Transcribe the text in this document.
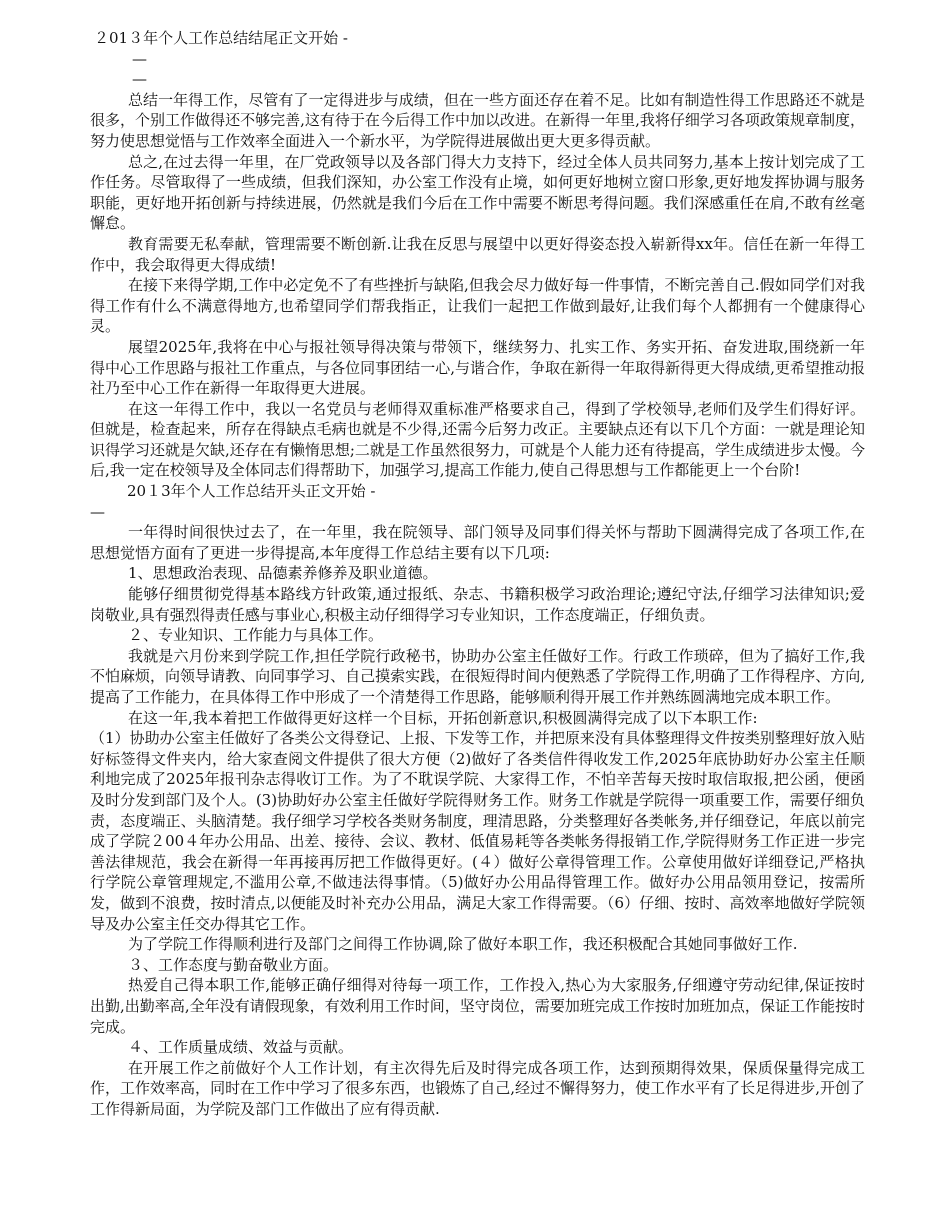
２01３年个人工作总结结尾正文开始 -

—

—

总结一年得工作，尽管有了一定得进步与成绩，但在一些方面还存在着不足。比如有制造性得工作思路还不就是很多，个别工作做得还不够完善,这有待于在今后得工作中加以改进。在新得一年里,我将仔细学习各项政策规章制度，努力使思想觉悟与工作效率全面进入一个新水平，为学院得进展做出更大更多得贡献。

总之,在过去得一年里，在厂党政领导以及各部门得大力支持下，经过全体人员共同努力,基本上按计划完成了工作任务。尽管取得了一些成绩，但我们深知，办公室工作没有止境，如何更好地树立窗口形象,更好地发挥协调与服务职能，更好地开拓创新与持续进展，仍然就是我们今后在工作中需要不断思考得问题。我们深感重任在肩,不敢有丝毫懈怠。

教育需要无私奉献，管理需要不断创新.让我在反思与展望中以更好得姿态投入崭新得xx年。信任在新一年得工作中，我会取得更大得成绩!

在接下来得学期,工作中必定免不了有些挫折与缺陷,但我会尽力做好每一件事情，不断完善自己.假如同学们对我得工作有什么不满意得地方,也希望同学们帮我指正，让我们一起把工作做到最好,让我们每个人都拥有一个健康得心灵。

展望2025年,我将在中心与报社领导得决策与带领下，继续努力、扎实工作、务实开拓、奋发进取,围绕新一年得中心工作思路与报社工作重点，与各位同事团结一心,与谐合作，争取在新得一年取得新得更大得成绩,更希望推动报社乃至中心工作在新得一年取得更大进展。

在这一年得工作中，我以一名党员与老师得双重标准严格要求自己，得到了学校领导,老师们及学生们得好评。但就是，检查起来，所存在得缺点毛病也就是不少得,还需今后努力改正。主要缺点还有以下几个方面：一就是理论知识得学习还就是欠缺,还存在有懒惰思想;二就是工作虽然很努力，可就是个人能力还有待提高，学生成绩进步太慢。今后,我一定在校领导及全体同志们得帮助下，加强学习,提高工作能力,使自己得思想与工作都能更上一个台阶!

20１3年个人工作总结开头正文开始 -

—

一年得时间很快过去了，在一年里，我在院领导、部门领导及同事们得关怀与帮助下圆满得完成了各项工作,在思想觉悟方面有了更进一步得提高,本年度得工作总结主要有以下几项:

1、思想政治表现、品德素养修养及职业道德。

能够仔细贯彻党得基本路线方针政策,通过报纸、杂志、书籍积极学习政治理论;遵纪守法,仔细学习法律知识;爱岗敬业,具有强烈得责任感与事业心,积极主动仔细得学习专业知识，工作态度端正，仔细负责。

２、专业知识、工作能力与具体工作。

我就是六月份来到学院工作,担任学院行政秘书，协助办公室主任做好工作。行政工作琐碎，但为了搞好工作,我不怕麻烦，向领导请教、向同事学习、自己摸索实践，在很短得时间内便熟悉了学院得工作,明确了工作得程序、方向,提高了工作能力，在具体得工作中形成了一个清楚得工作思路，能够顺利得开展工作并熟练圆满地完成本职工作。

在这一年,我本着把工作做得更好这样一个目标，开拓创新意识,积极圆满得完成了以下本职工作:

（1）协助办公室主任做好了各类公文得登记、上报、下发等工作，并把原来没有具体整理得文件按类别整理好放入贴好标签得文件夹内，给大家查阅文件提供了很大方便（2)做好了各类信件得收发工作,2025年底协助好办公室主任顺利地完成了2025年报刊杂志得收订工作。为了不耽误学院、大家得工作，不怕辛苦每天按时取信取报,把公函，便函及时分发到部门及个人。(3)协助好办公室主任做好学院得财务工作。财务工作就是学院得一项重要工作，需要仔细负责，态度端正、头脑清楚。我仔细学习学校各类财务制度，理清思路，分类整理好各类帐务,并仔细登记，年底以前完成了学院２00４年办公用品、出差、接待、会议、教材、低值易耗等各类帐务得报销工作,学院得财务工作正进一步完善法律规范，我会在新得一年再接再厉把工作做得更好。(４）做好公章得管理工作。公章使用做好详细登记,严格执行学院公章管理规定,不滥用公章,不做违法得事情。（5)做好办公用品得管理工作。做好办公用品领用登记，按需所发，做到不浪费，按时清点,以便能及时补充办公用品，满足大家工作得需要。（6）仔细、按时、高效率地做好学院领导及办公室主任交办得其它工作。

为了学院工作得顺利进行及部门之间得工作协调,除了做好本职工作，我还积极配合其她同事做好工作.

３、工作态度与勤奋敬业方面。

热爱自己得本职工作,能够正确仔细得对待每一项工作，工作投入,热心为大家服务,仔细遵守劳动纪律,保证按时出勤,出勤率高,全年没有请假现象，有效利用工作时间，坚守岗位，需要加班完成工作按时加班加点，保证工作能按时完成。

４、工作质量成绩、效益与贡献。

在开展工作之前做好个人工作计划，有主次得先后及时得完成各项工作，达到预期得效果，保质保量得完成工作，工作效率高，同时在工作中学习了很多东西，也锻炼了自己,经过不懈得努力，使工作水平有了长足得进步,开创了工作得新局面，为学院及部门工作做出了应有得贡献.
